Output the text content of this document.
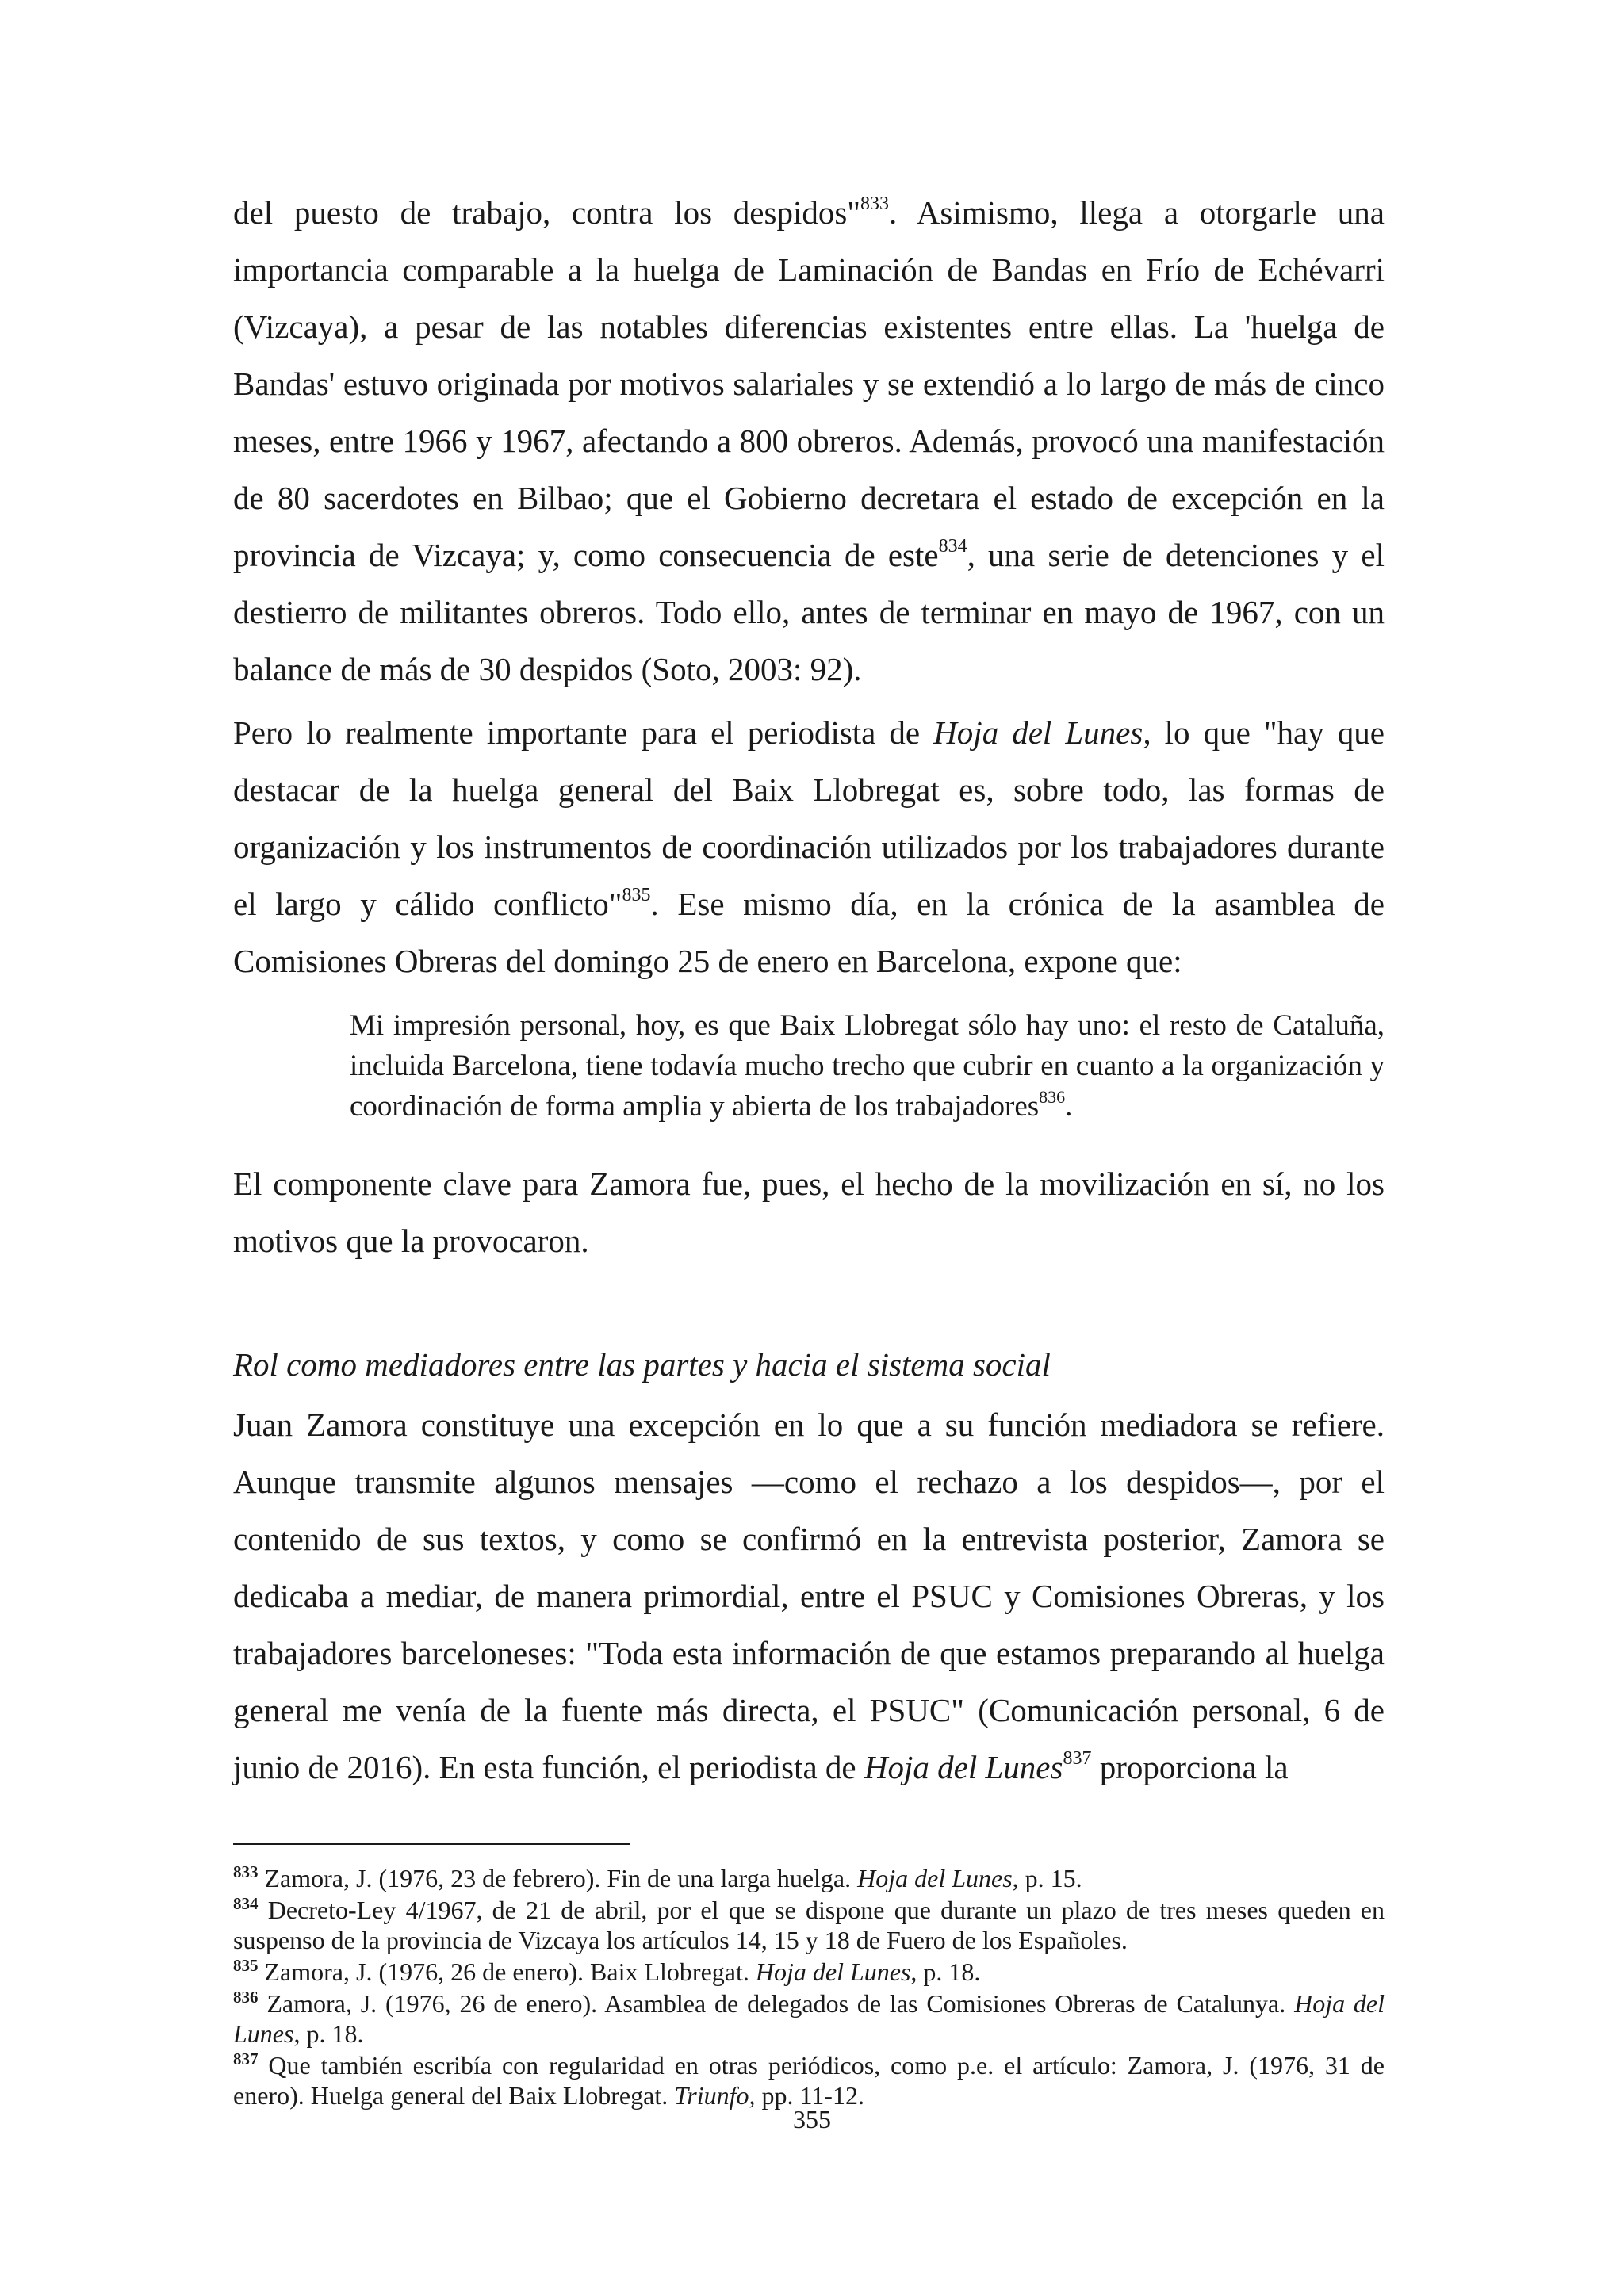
del puesto de trabajo, contra los despidos"$^{833}$. Asimismo, llega a otorgarle una importancia comparable a la huelga de Laminación de Bandas en Frío de Echévarri (Vizcaya), a pesar de las notables diferencias existentes entre ellas. La 'huelga de Bandas' estuvo originada por motivos salariales y se extendió a lo largo de más de cinco meses, entre 1966 y 1967, afectando a 800 obreros. Además, provocó una manifestación de 80 sacerdotes en Bilbao; que el Gobierno decretara el estado de excepción en la provincia de Vizcaya; y, como consecuencia de este$^{834}$, una serie de detenciones y el destierro de militantes obreros. Todo ello, antes de terminar en mayo de 1967, con un balance de más de 30 despidos (Soto, 2003: 92).

Pero lo realmente importante para el periodista de Hoja del Lunes, lo que "hay que destacar de la huelga general del Baix Llobregat es, sobre todo, las formas de organización y los instrumentos de coordinación utilizados por los trabajadores durante el largo y cálido conflicto"$^{835}$. Ese mismo día, en la crónica de la asamblea de Comisiones Obreras del domingo 25 de enero en Barcelona, expone que:

Mi impresión personal, hoy, es que Baix Llobregat sólo hay uno: el resto de Cataluña, incluida Barcelona, tiene todavía mucho trecho que cubrir en cuanto a la organización y coordinación de forma amplia y abierta de los trabajadores$^{836}$.

El componente clave para Zamora fue, pues, el hecho de la movilización en sí, no los motivos que la provocaron.

Rol como mediadores entre las partes y hacia el sistema social

Juan Zamora constituye una excepción en lo que a su función mediadora se refiere. Aunque transmite algunos mensajes —como el rechazo a los despidos—, por el contenido de sus textos, y como se confirmó en la entrevista posterior, Zamora se dedicaba a mediar, de manera primordial, entre el PSUC y Comisiones Obreras, y los trabajadores barceloneses: "Toda esta información de que estamos preparando al huelga general me venía de la fuente más directa, el PSUC" (Comunicación personal, 6 de junio de 2016). En esta función, el periodista de Hoja del Lunes$^{837}$ proporciona la

$^{833}$ Zamora, J. (1976, 23 de febrero). Fin de una larga huelga. Hoja del Lunes, p. 15.

$^{834}$ Decreto-Ley 4/1967, de 21 de abril, por el que se dispone que durante un plazo de tres meses queden en suspenso de la provincia de Vizcaya los artículos 14, 15 y 18 de Fuero de los Españoles.

$^{835}$ Zamora, J. (1976, 26 de enero). Baix Llobregat. Hoja del Lunes, p. 18.

$^{836}$ Zamora, J. (1976, 26 de enero). Asamblea de delegados de las Comisiones Obreras de Catalunya. Hoja del Lunes, p. 18.

$^{837}$ Que también escribía con regularidad en otras periódicos, como p.e. el artículo: Zamora, J. (1976, 31 de enero). Huelga general del Baix Llobregat. Triunfo, pp. 11-12.

355
